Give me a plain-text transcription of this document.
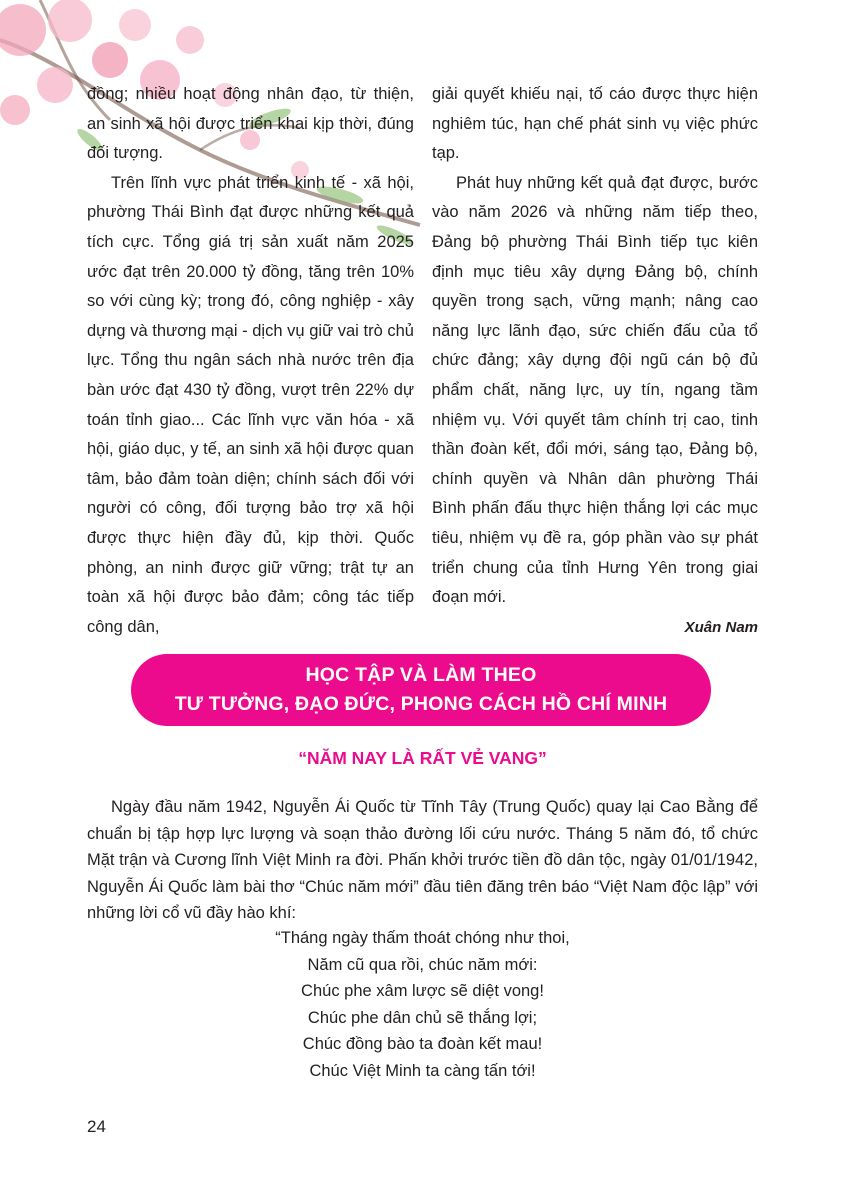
đồng; nhiều hoạt động nhân đạo, từ thiện, an sinh xã hội được triển khai kịp thời, đúng đối tượng.

Trên lĩnh vực phát triển kinh tế - xã hội, phường Thái Bình đạt được những kết quả tích cực. Tổng giá trị sản xuất năm 2025 ước đạt trên 20.000 tỷ đồng, tăng trên 10% so với cùng kỳ; trong đó, công nghiệp - xây dựng và thương mại - dịch vụ giữ vai trò chủ lực. Tổng thu ngân sách nhà nước trên địa bàn ước đạt 430 tỷ đồng, vượt trên 22% dự toán tỉnh giao... Các lĩnh vực văn hóa - xã hội, giáo dục, y tế, an sinh xã hội được quan tâm, bảo đảm toàn diện; chính sách đối với người có công, đối tượng bảo trợ xã hội được thực hiện đầy đủ, kịp thời. Quốc phòng, an ninh được giữ vững; trật tự an toàn xã hội được bảo đảm; công tác tiếp công dân,

giải quyết khiếu nại, tố cáo được thực hiện nghiêm túc, hạn chế phát sinh vụ việc phức tạp.

Phát huy những kết quả đạt được, bước vào năm 2026 và những năm tiếp theo, Đảng bộ phường Thái Bình tiếp tục kiên định mục tiêu xây dựng Đảng bộ, chính quyền trong sạch, vững mạnh; nâng cao năng lực lãnh đạo, sức chiến đấu của tổ chức đảng; xây dựng đội ngũ cán bộ đủ phẩm chất, năng lực, uy tín, ngang tầm nhiệm vụ. Với quyết tâm chính trị cao, tinh thần đoàn kết, đổi mới, sáng tạo, Đảng bộ, chính quyền và Nhân dân phường Thái Bình phấn đấu thực hiện thắng lợi các mục tiêu, nhiệm vụ đề ra, góp phần vào sự phát triển chung của tỉnh Hưng Yên trong giai đoạn mới.

Xuân Nam

HỌC TẬP VÀ LÀM THEO
TƯ TƯỞNG, ĐẠO ĐỨC, PHONG CÁCH HỒ CHÍ MINH
“NĂM NAY LÀ RẤT VẺ VANG”

Ngày đầu năm 1942, Nguyễn Ái Quốc từ Tĩnh Tây (Trung Quốc) quay lại Cao Bằng để chuẩn bị tập hợp lực lượng và soạn thảo đường lối cứu nước. Tháng 5 năm đó, tổ chức Mặt trận và Cương lĩnh Việt Minh ra đời. Phấn khởi trước tiền đồ dân tộc, ngày 01/01/1942, Nguyễn Ái Quốc làm bài thơ “Chúc năm mới” đầu tiên đăng trên báo “Việt Nam độc lập” với những lời cổ vũ đầy hào khí:

“Tháng ngày thấm thoát chóng như thoi,
Năm cũ qua rồi, chúc năm mới:
Chúc phe xâm lược sẽ diệt vong!
Chúc phe dân chủ sẽ thắng lợi;
Chúc đồng bào ta đoàn kết mau!
Chúc Việt Minh ta càng tấn tới!
24
